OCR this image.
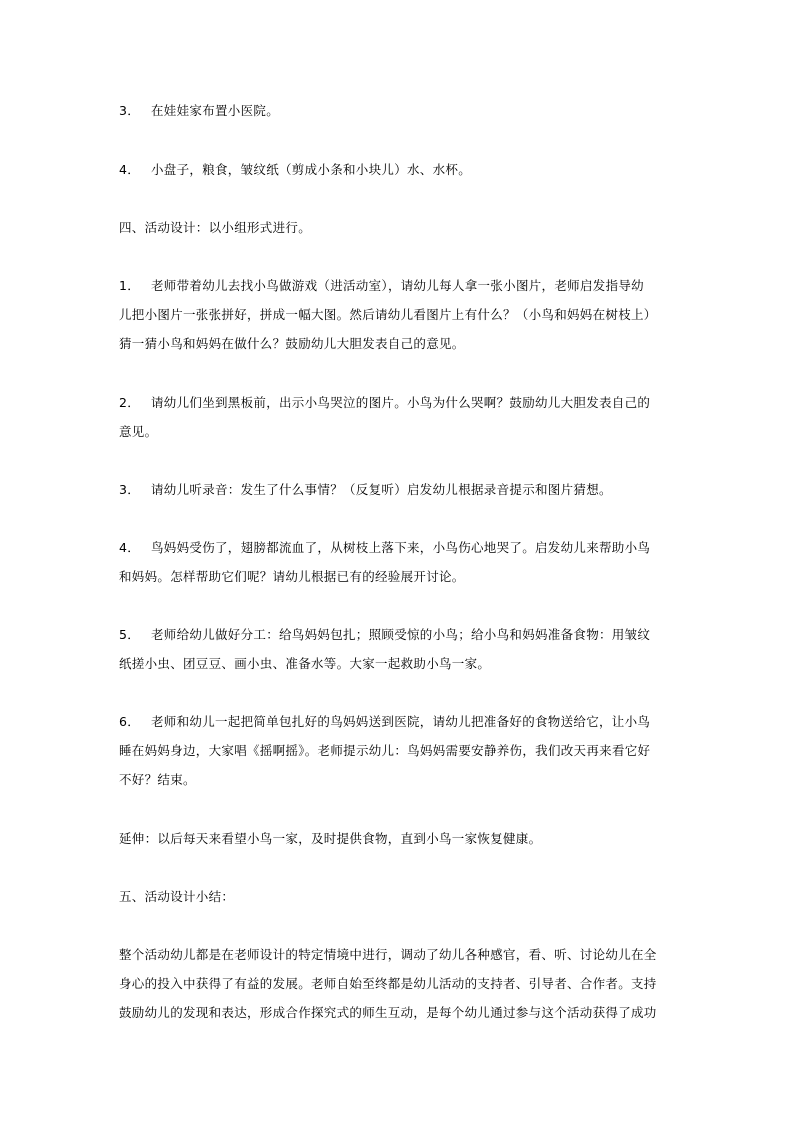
3． 在娃娃家布置小医院。

4． 小盘子，粮食，皱纹纸（剪成小条和小块儿）水、水杯。

四、活动设计：以小组形式进行。

1． 老师带着幼儿去找小鸟做游戏（进活动室），请幼儿每人拿一张小图片，老师启发指导幼
儿把小图片一张张拼好，拼成一幅大图。然后请幼儿看图片上有什么？（小鸟和妈妈在树枝上）
猜一猜小鸟和妈妈在做什么？鼓励幼儿大胆发表自己的意见。

2． 请幼儿们坐到黑板前，出示小鸟哭泣的图片。小鸟为什么哭啊？鼓励幼儿大胆发表自己的
意见。

3． 请幼儿听录音：发生了什么事情？（反复听）启发幼儿根据录音提示和图片猜想。

4． 鸟妈妈受伤了，翅膀都流血了，从树枝上落下来，小鸟伤心地哭了。启发幼儿来帮助小鸟
和妈妈。怎样帮助它们呢？请幼儿根据已有的经验展开讨论。

5． 老师给幼儿做好分工：给鸟妈妈包扎；照顾受惊的小鸟；给小鸟和妈妈准备食物：用皱纹
纸搓小虫、团豆豆、画小虫、准备水等。大家一起救助小鸟一家。

6． 老师和幼儿一起把简单包扎好的鸟妈妈送到医院，请幼儿把准备好的食物送给它，让小鸟
睡在妈妈身边，大家唱《摇啊摇》。老师提示幼儿：鸟妈妈需要安静养伤，我们改天再来看它好
不好？结束。

延伸：以后每天来看望小鸟一家，及时提供食物，直到小鸟一家恢复健康。

五、活动设计小结：

整个活动幼儿都是在老师设计的特定情境中进行，调动了幼儿各种感官，看、听、讨论幼儿在全
身心的投入中获得了有益的发展。老师自始至终都是幼儿活动的支持者、引导者、合作者。支持
鼓励幼儿的发现和表达，形成合作探究式的师生互动，是每个幼儿通过参与这个活动获得了成功
